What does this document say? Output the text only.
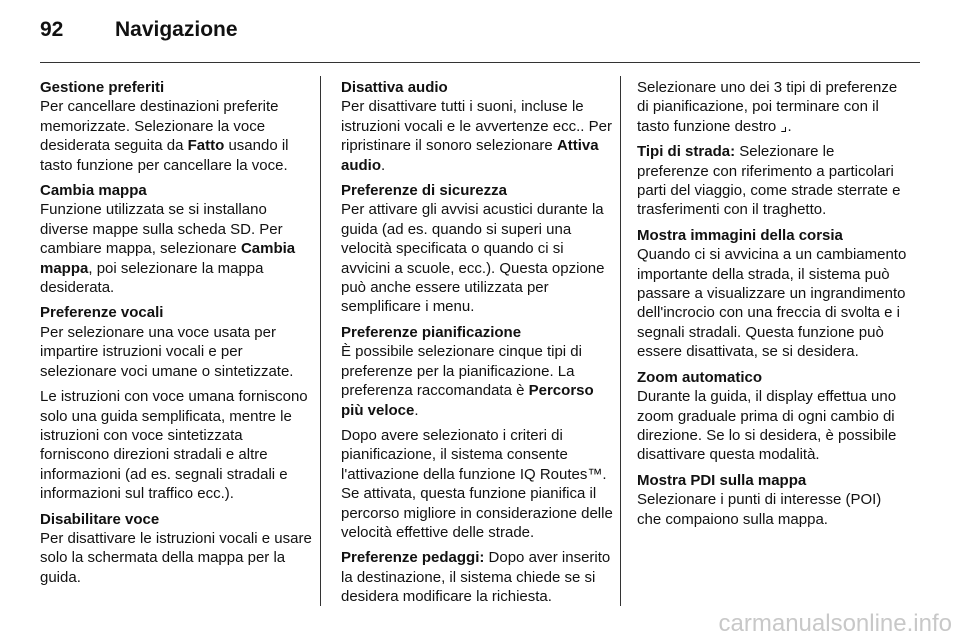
92 Navigazione
Gestione preferiti
Per cancellare destinazioni preferite memorizzate. Selezionare la voce desiderata seguita da Fatto usando il tasto funzione per cancellare la voce.
Cambia mappa
Funzione utilizzata se si installano diverse mappe sulla scheda SD. Per cambiare mappa, selezionare Cambia mappa, poi selezionare la mappa desiderata.
Preferenze vocali
Per selezionare una voce usata per impartire istruzioni vocali e per selezionare voci umane o sintetizzate.

Le istruzioni con voce umana forniscono solo una guida semplificata, mentre le istruzioni con voce sintetizzata forniscono direzioni stradali e altre informazioni (ad es. segnali stradali e informazioni sul traffico ecc.).

Disabilitare voce
Per disattivare le istruzioni vocali e usare solo la schermata della mappa per la guida.
Disattiva audio
Per disattivare tutti i suoni, incluse le istruzioni vocali e le avvertenze ecc.. Per ripristinare il sonoro selezionare Attiva audio.
Preferenze di sicurezza
Per attivare gli avvisi acustici durante la guida (ad es. quando si superi una velocità specificata o quando ci si avvicini a scuole, ecc.). Questa opzione può anche essere utilizzata per semplificare i menu.
Preferenze pianificazione
È possibile selezionare cinque tipi di preferenze per la pianificazione. La preferenza raccomandata è Percorso più veloce.

Dopo avere selezionato i criteri di pianificazione, il sistema consente l'attivazione della funzione IQ Routes™. Se attivata, questa funzione pianifica il percorso migliore in considerazione delle velocità effettive delle strade.

Preferenze pedaggi: Dopo aver inserito la destinazione, il sistema chiede se si desidera modificare la richiesta.

Selezionare uno dei 3 tipi di preferenze di pianificazione, poi terminare con il tasto funzione destro ⌟.

Tipi di strada: Selezionare le preferenze con riferimento a particolari parti del viaggio, come strade sterrate e trasferimenti con il traghetto.

Mostra immagini della corsia
Quando ci si avvicina a un cambiamento importante della strada, il sistema può passare a visualizzare un ingrandimento dell'incrocio con una freccia di svolta e i segnali stradali. Questa funzione può essere disattivata, se si desidera.
Zoom automatico
Durante la guida, il display effettua uno zoom graduale prima di ogni cambio di direzione. Se lo si desidera, è possibile disattivare questa modalità.
Mostra PDI sulla mappa
Selezionare i punti di interesse (POI) che compaiono sulla mappa.
carmanualsonline.info
